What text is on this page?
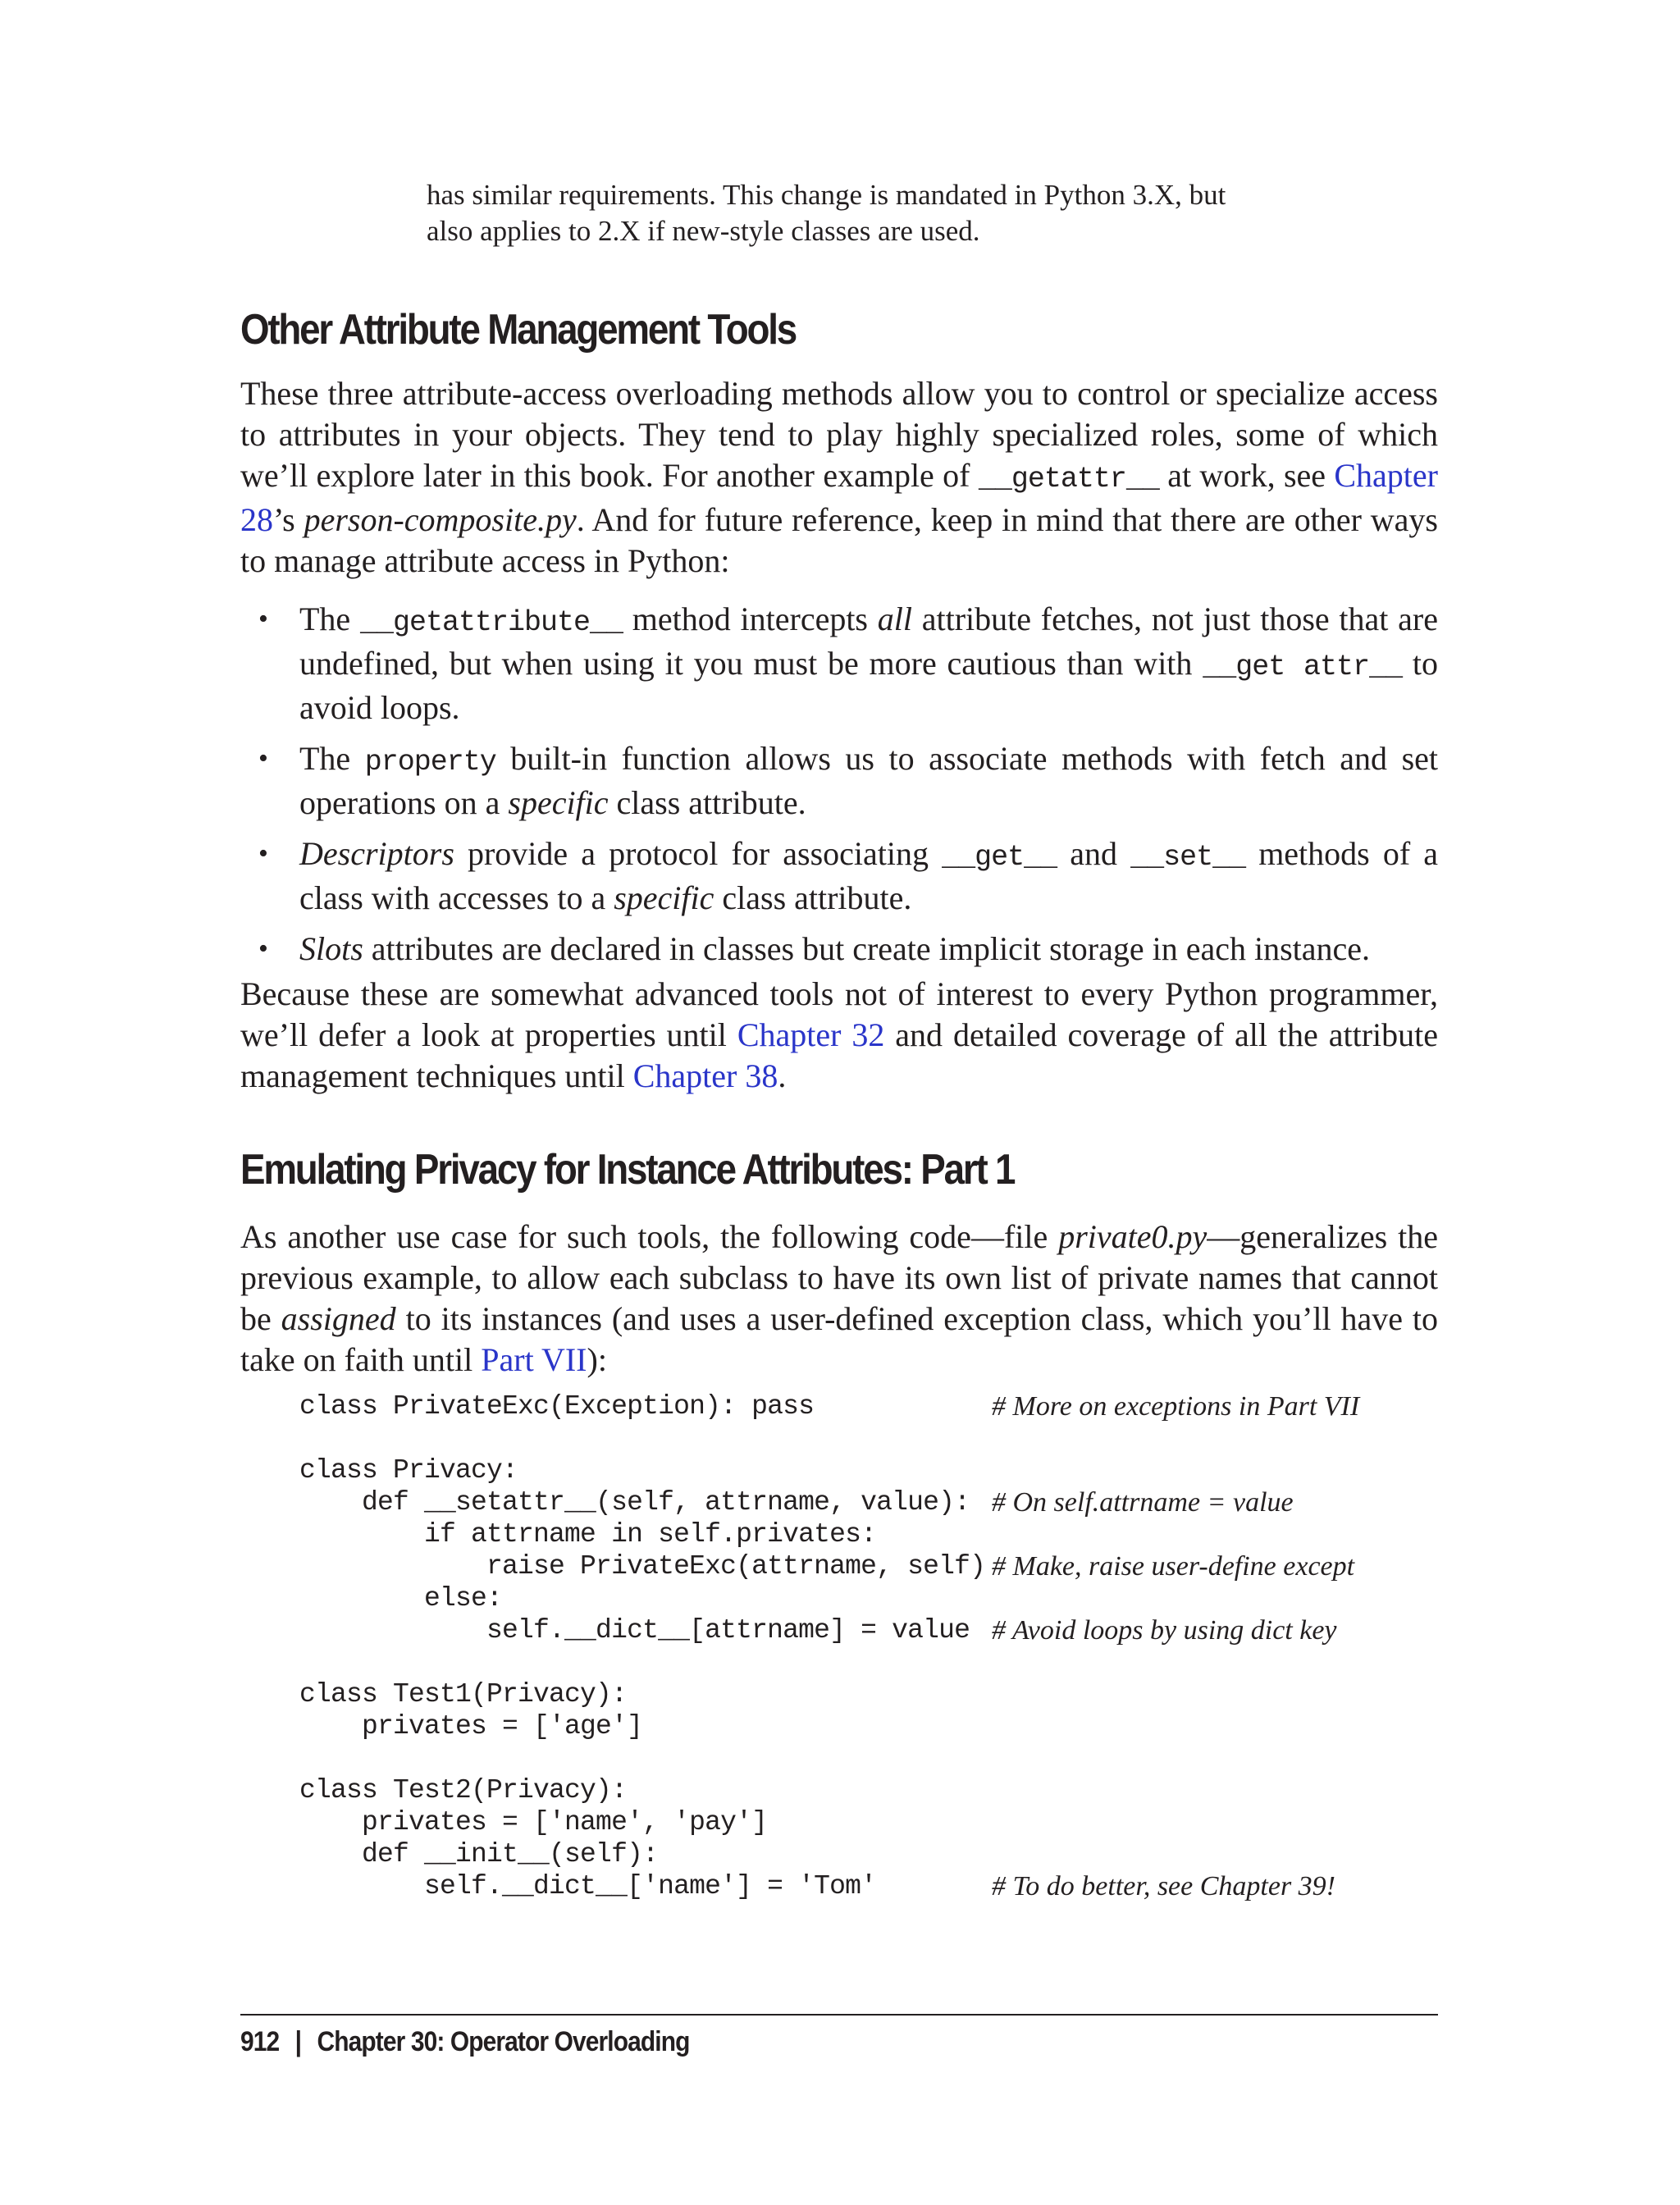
has similar requirements. This change is mandated in Python 3.X, but

also applies to 2.X if new-style classes are used.

Other Attribute Management Tools

These three attribute-access overloading methods allow you to control or specialize access to attributes in your objects. They tend to play highly specialized roles, some of which we’ll explore later in this book. For another example of __getattr__ at work, see Chapter 28’s person-composite.py. And for future reference, keep in mind that there are other ways to manage attribute access in Python:

• The __getattribute__ method intercepts all attribute fetches, not just those that are undefined, but when using it you must be more cautious than with __get attr__ to avoid loops.
• The property built-in function allows us to associate methods with fetch and set operations on a specific class attribute.
• Descriptors provide a protocol for associating __get__ and __set__ methods of a class with accesses to a specific class attribute.
• Slots attributes are declared in classes but create implicit storage in each instance.

Because these are somewhat advanced tools not of interest to every Python programmer, we’ll defer a look at properties until Chapter 32 and detailed coverage of all the attribute management techniques until Chapter 38.

Emulating Privacy for Instance Attributes: Part 1

As another use case for such tools, the following code—file private0.py—generalizes the previous example, to allow each subclass to have its own list of private names that cannot be assigned to its instances (and uses a user-defined exception class, which you’ll have to take on faith until Part VII):

class PrivateExc(Exception): pass	# More on exceptions in Part VII
class Privacy:
def __setattr__(self, attrname, value): # On self.attrname = value
if attrname in self.privates:
raise PrivateExc(attrname, self) # Make, raise user-define except
else:
self.__dict__[attrname] = value # Avoid loops by using dict key
class Test1(Privacy):
privates = ['age']
class Test2(Privacy):
privates = ['name', 'pay']
def __init__(self):
self.__dict__['name'] = 'Tom'	# To do better, see Chapter 39!
912 | Chapter 30: Operator Overloading
